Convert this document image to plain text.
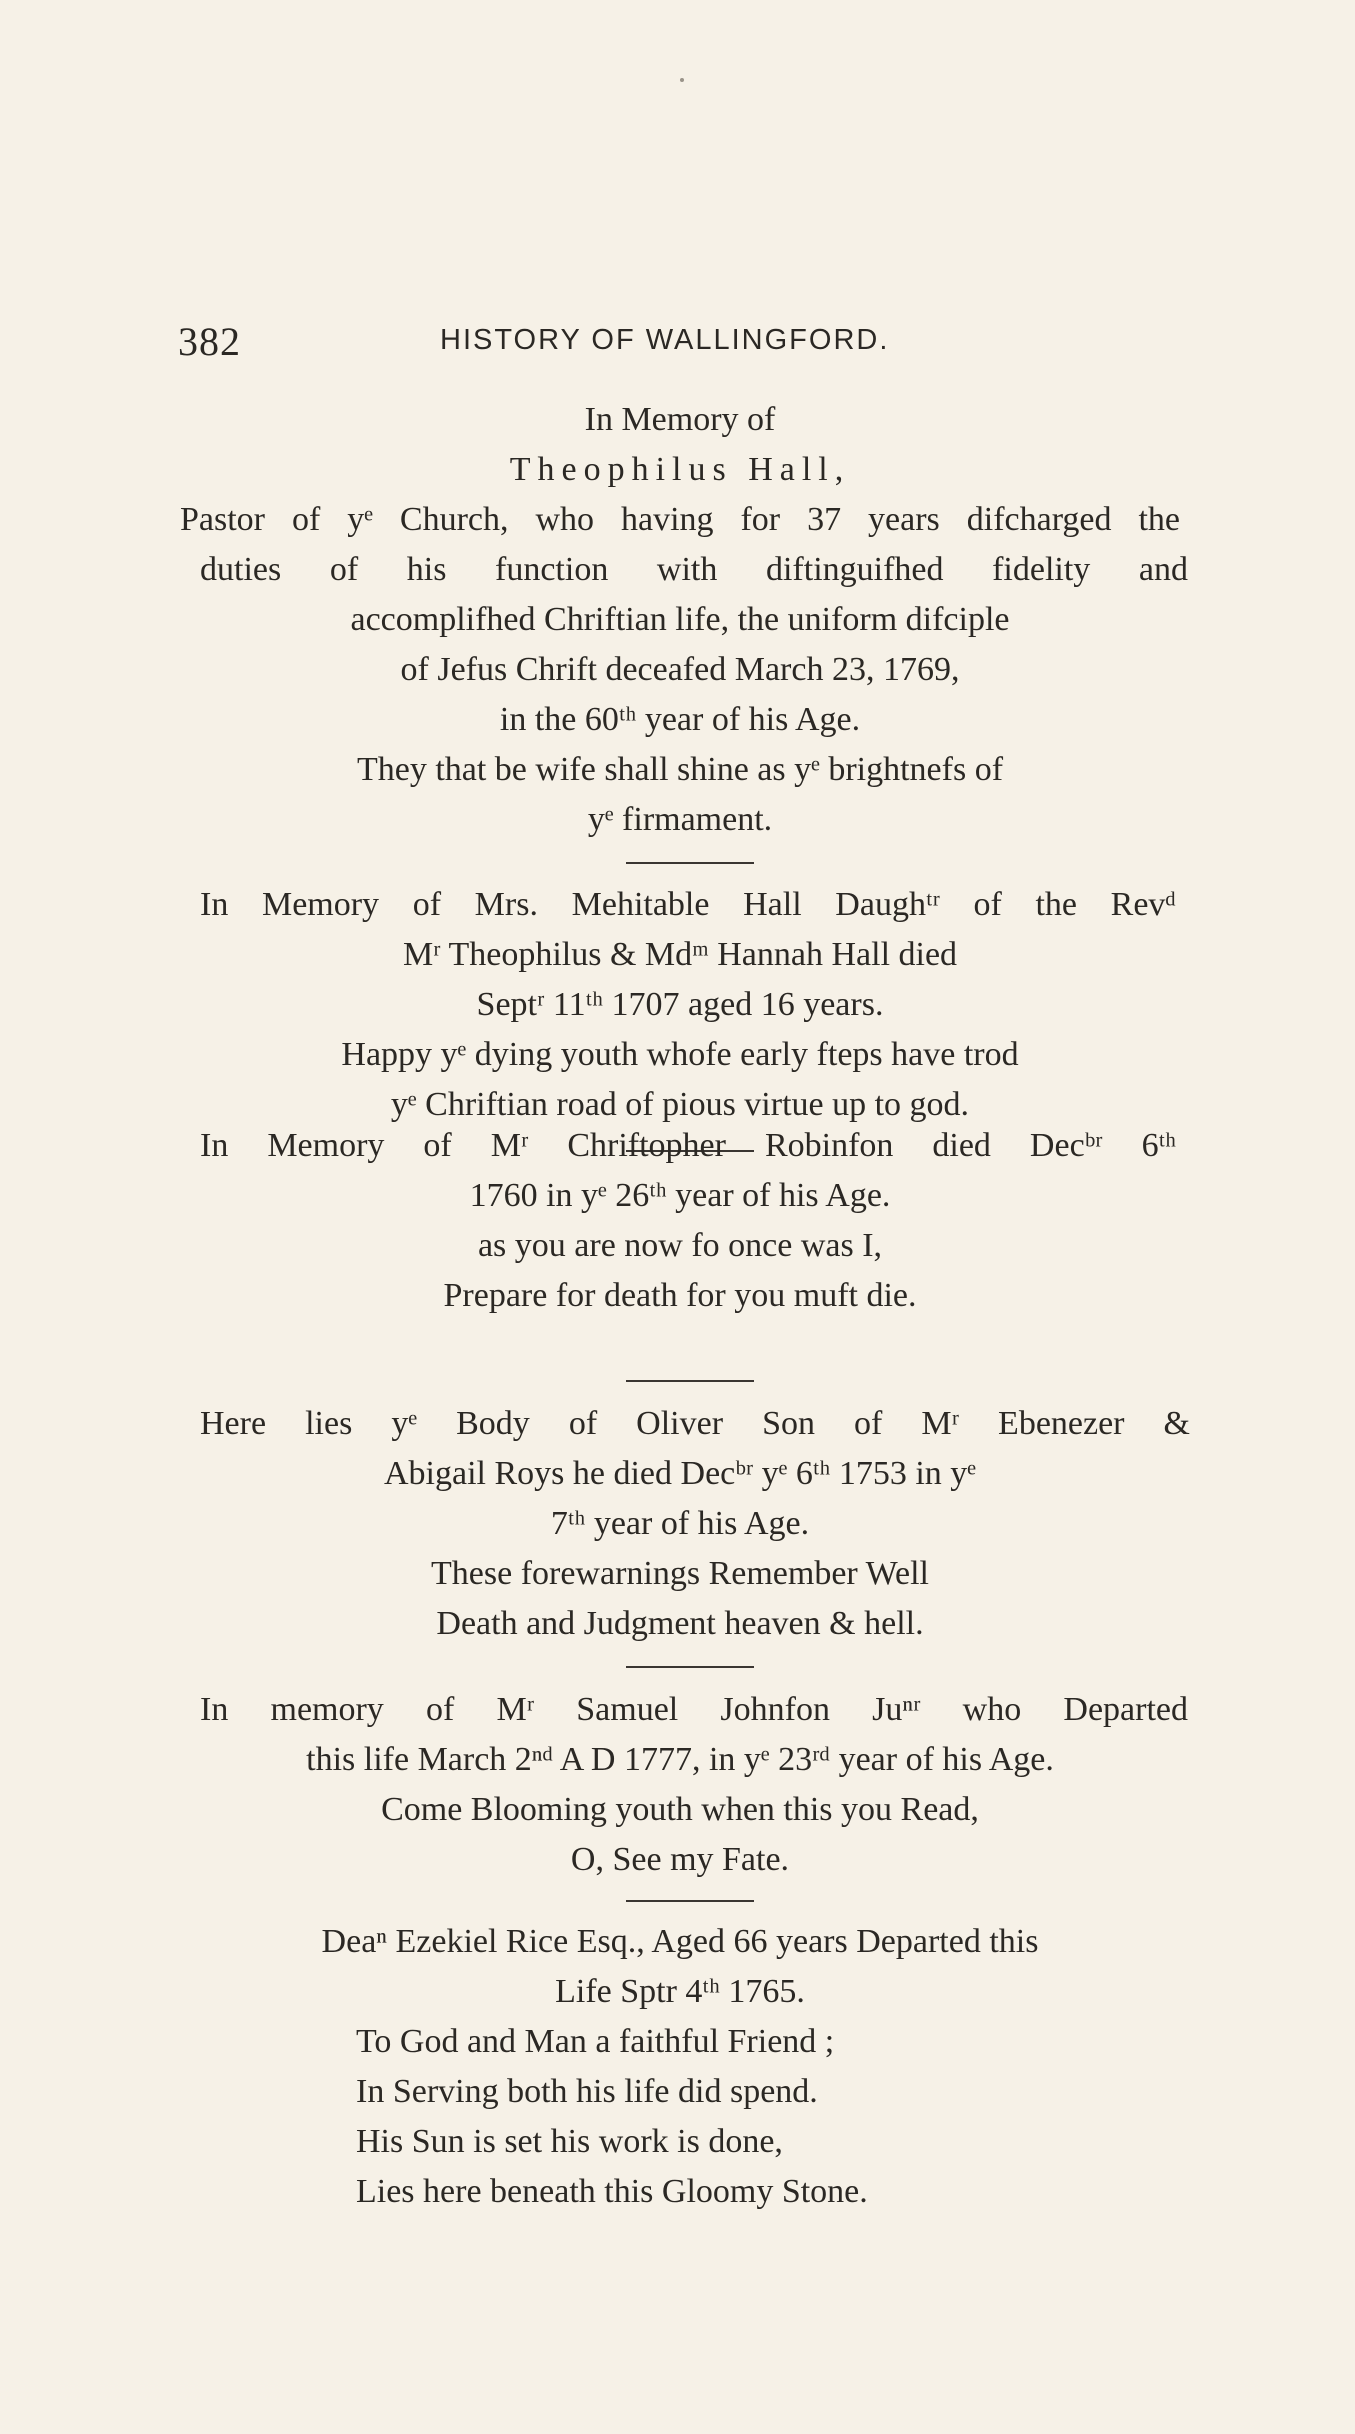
382	HISTORY OF WALLINGFORD.
In Memory of
Theophilus Hall,
Pastor of yᵉ Church, who having for 37 years difcharged the
duties of his function with diftinguifhed fidelity and
accomplifhed Chriftian life, the uniform difciple
of Jefus Chrift deceafed March 23, 1769,
in the 60ᵗʰ year of his Age.
They that be wife shall shine as yᵉ brightnefs of
yᵉ firmament.
In Memory of Mrs. Mehitable Hall Daughᵗʳ of the Revᵈ
Mʳ Theophilus & Mdᵐ Hannah Hall died
Septʳ 11ᵗʰ 1707 aged 16 years.
Happy yᵉ dying youth whofe early fteps have trod
yᵉ Chriftian road of pious virtue up to god.
In Memory of Mʳ Chriftopher Robinfon died Decᵇʳ 6ᵗʰ
1760 in yᵉ 26ᵗʰ year of his Age.
as you are now fo once was I,
Prepare for death for you muft die.
Here lies yᵉ Body of Oliver Son of Mʳ Ebenezer &
Abigail Roys he died Decᵇʳ yᵉ 6ᵗʰ 1753 in yᵉ
7ᵗʰ year of his Age.
These forewarnings Remember Well
Death and Judgment heaven & hell.
In memory of Mʳ Samuel Johnfon Juⁿʳ who Departed
this life March 2ⁿᵈ A D 1777, in yᵉ 23ʳᵈ year of his Age.
Come Blooming youth when this you Read,
O, See my Fate.
Deaⁿ Ezekiel Rice Esq., Aged 66 years Departed this
Life Sptr 4ᵗʰ 1765.
To God and Man a faithful Friend ;
In Serving both his life did spend.
His Sun is set his work is done,
Lies here beneath this Gloomy Stone.
